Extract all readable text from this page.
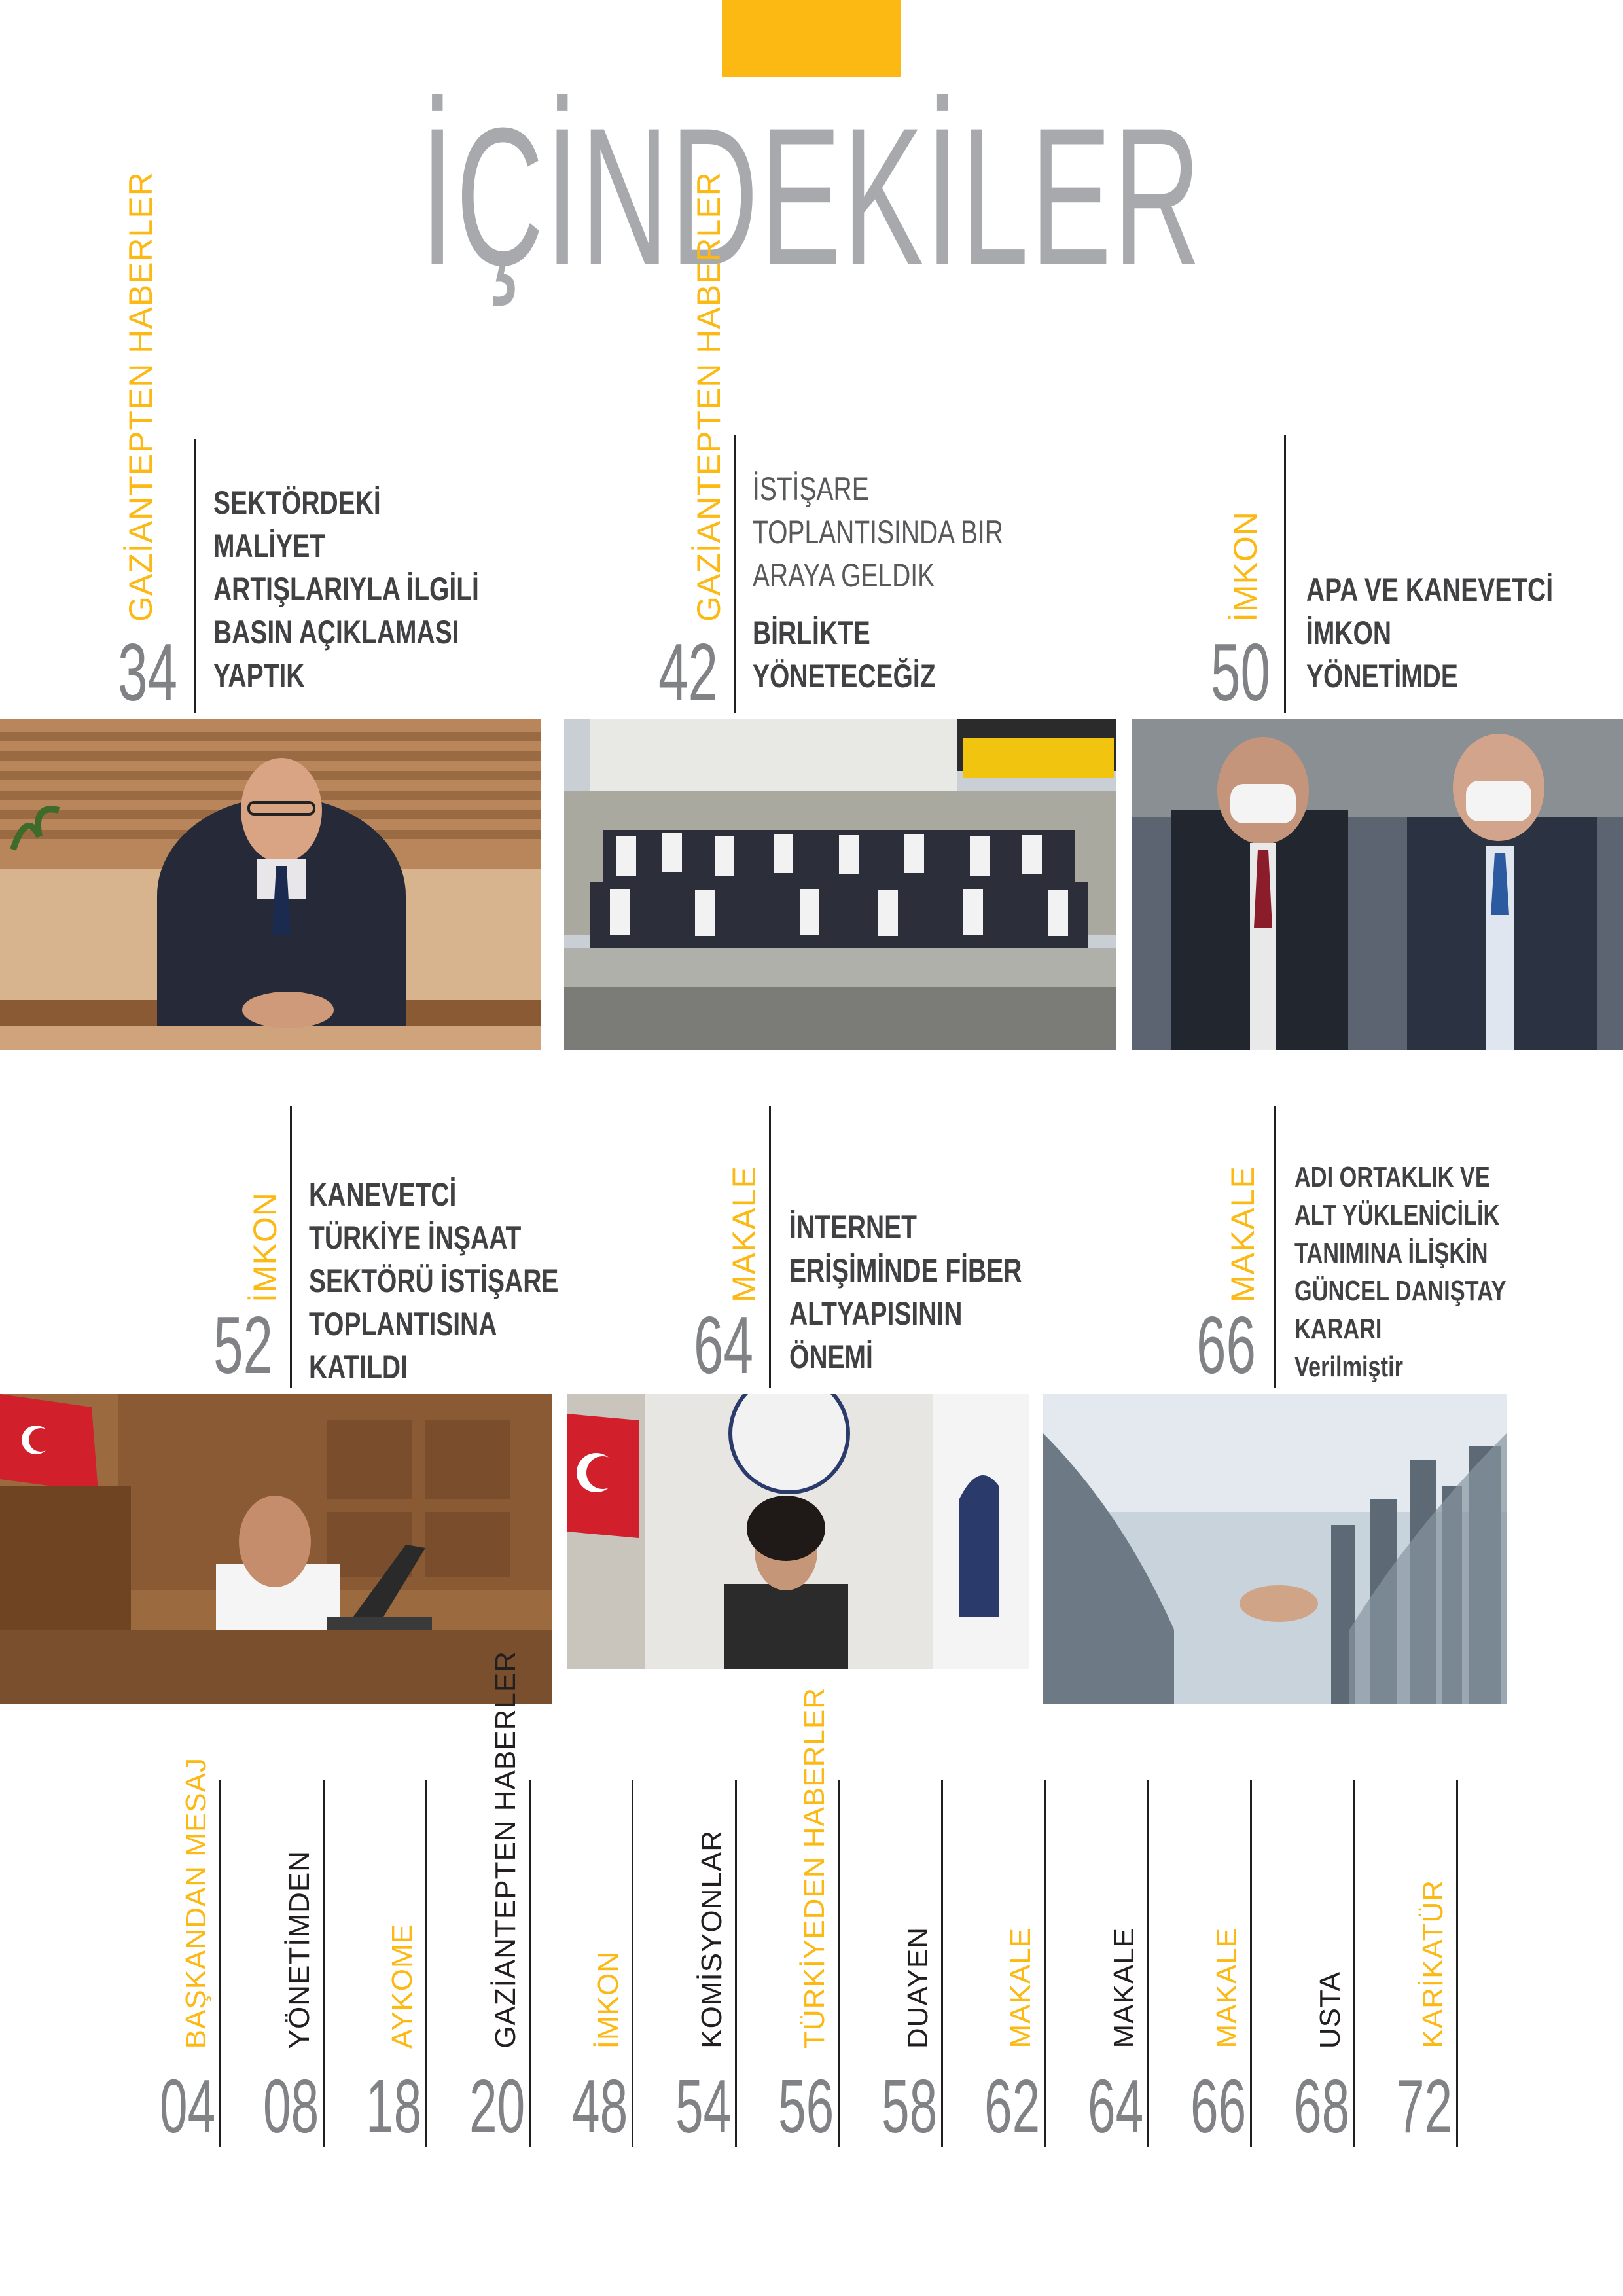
İÇİNDEKİLER
GAZİANTEPTEN HABERLER
34
SEKTÖRDEKİ
MALİYET
ARTIŞLARIYLA İLGİLİ
BASIN AÇIKLAMASI
YAPTIK
GAZİANTEPTEN HABERLER
42
İSTİŞARE
TOPLANTISINDA BIR
ARAYA GELDIK
BİRLİKTE
YÖNETECEĞİZ
İMKON
50
APA VE KANEVETCİ
İMKON
YÖNETİMDE
İMKON
52
KANEVETCİ
TÜRKİYE İNŞAAT
SEKTÖRÜ İSTİŞARE
TOPLANTISINA
KATILDI
MAKALE
64
İNTERNET
ERİŞİMİNDE FİBER
ALTYAPISININ
ÖNEMİ
MAKALE
66
ADI ORTAKLIK VE
ALT YÜKLENİCİLİK
TANIMINA İLİŞKİN
GÜNCEL DANIŞTAY
KARARI
Verilmiştir
BAŞKANDAN MESAJ
04
YÖNETİMDEN
08
AYKOME
18
GAZİANTEPTEN HABERLER
20
İMKON
48
KOMİSYONLAR
54
TÜRKİYEDEN HABERLER
56
DUAYEN
58
MAKALE
62
MAKALE
64
MAKALE
66
USTA
68
KARİKATÜR
72
